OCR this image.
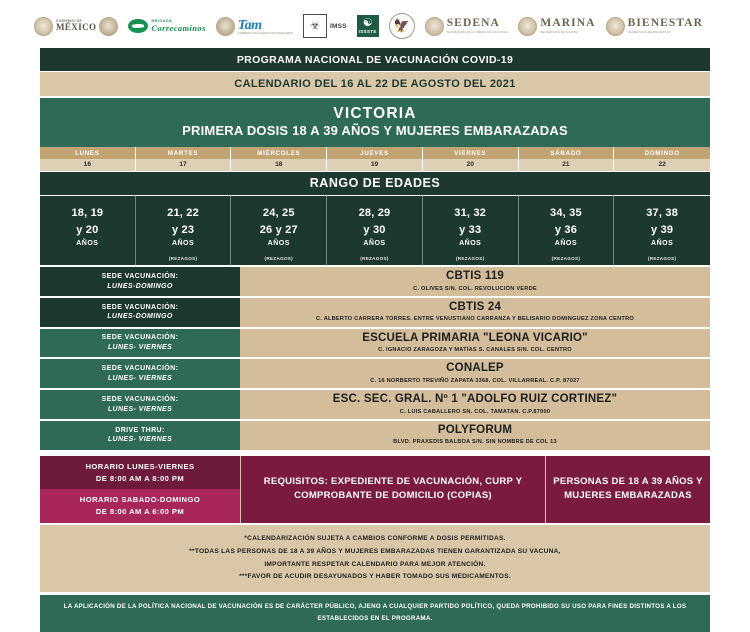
GOBIERNO DE
MÉXICO
BRIGADA
Correcaminos Tam
GOBIERNO DEL ESTADO DE TAMAULIPAS
☣ IMSS ☯
ISSSTE	🦅	SEDENA
SECRETARÍA DE LA DEFENSA NACIONAL
MARINA
SECRETARÍA DE MARINA
BIENESTAR
SECRETARÍA DE BIENESTAR
PROGRAMA NACIONAL DE VACUNACIÓN COVID-19
CALENDARIO DEL 16 AL 22 DE AGOSTO DEL 2021
VICTORIA
PRIMERA DOSIS 18 A 39 AÑOS Y MUJERES EMBARAZADAS
LUNES	MARTES	MIÉRCOLES	JUEVES	VIERNES	SÁBADO	DOMINGO
16	17	18	19	20	21	22
RANGO DE EDADES
18, 19
y 20
AÑOS
21, 22
y 23
AÑOS
(REZAGOS)
24, 25
26 y 27
AÑOS
(REZAGOS)
28, 29
y 30
AÑOS
(REZAGOS)
31, 32
y 33
AÑOS
(REZAGOS)
34, 35
y 36
AÑOS
(REZAGOS)
37, 38
y 39
AÑOS
(REZAGOS)
SEDE VACUNACIÓN:
LUNES-DOMINGO
CBTIS 119
C. OLIVES S/N. COL. REVOLUCIÓN VERDE
SEDE VACUNACIÓN:
LUNES-DOMINGO
CBTIS 24
C. ALBERTO CARRERA TORRES. ENTRE VENUSTIANO CARRANZA Y BELISARIO DOMINGUEZ ZONA CENTRO
SEDE VACUNACIÓN:
LUNES- VIERNES
ESCUELA PRIMARIA "LEONA VICARIO"
C. IGNACIO ZARAGOZA Y MATÍAS S. CANALES S/N. COL. CENTRO
SEDE VACUNACIÓN:
LUNES- VIERNES
CONALEP
C. 16 NORBERTO TREVIÑO ZAPATA 3368. COL. VILLARREAL. C.P. 87027
SEDE VACUNACIÓN:
LUNES- VIERNES
ESC. SEC. GRAL. Nº 1 "ADOLFO RUIZ CORTINEZ"
C. LUIS CABALLERO SN. COL. TAMATAN. C.P.87000
DRIVE THRU:
LUNES- VIERNES
POLYFORUM
BLVD. PRAXEDIS BALBOA S/N. SIN NOMBRE DE COL 13
HORARIO LUNES-VIERNES
DE 8:00 AM A 8:00 PM
HORARIO SABADO-DOMINGO
DE 8:00 AM A 6:00 PM
REQUISITOS: EXPEDIENTE DE VACUNACIÓN, CURP Y COMPROBANTE DE DOMICILIO (COPIAS)
PERSONAS DE 18 A 39 AÑOS Y MUJERES EMBARAZADAS

*CALENDARIZACIÓN SUJETA A CAMBIOS CONFORME A DOSIS PERMITIDAS.

**TODAS LAS PERSONAS DE 18 A 39 AÑOS Y MUJERES EMBARAZADAS TIENEN GARANTIZADA SU VACUNA,

IMPORTANTE RESPETAR CALENDARIO PARA MEJOR ATENCIÓN.

***FAVOR DE ACUDIR DESAYUNADOS Y HABER TOMADO SUS MEDICAMENTOS.

LA APLICACIÓN DE LA POLÍTICA NACIONAL DE VACUNACIÓN ES DE CARÁCTER PÚBLICO, AJENO A CUALQUIER PARTIDO POLÍTICO, QUEDA PROHIBIDO SU USO PARA FINES DISTINTOS A LOS ESTABLECIDOS EN EL PROGRAMA.
